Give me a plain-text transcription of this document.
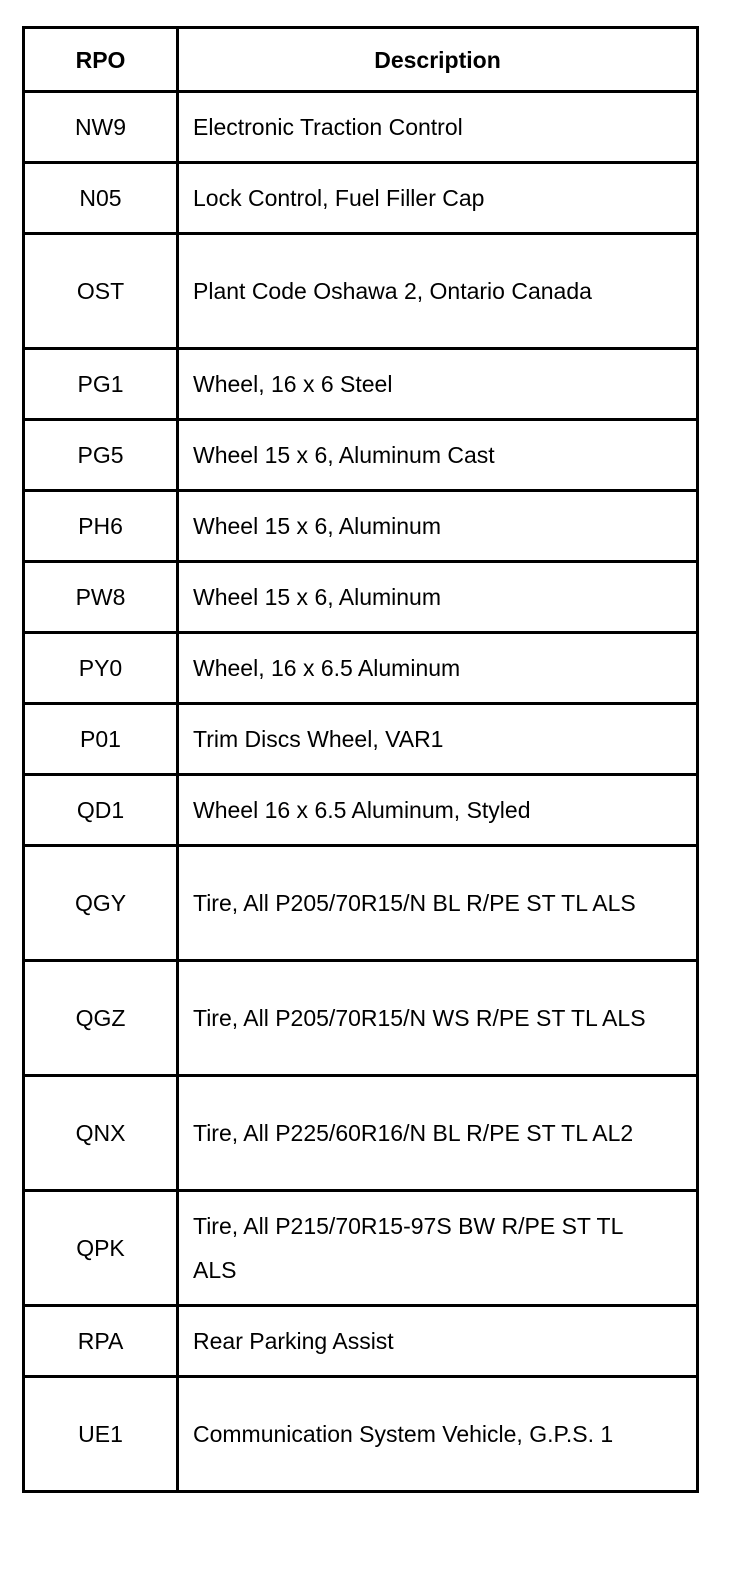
RPO	Description
NW9	Electronic Traction Control
N05	Lock Control, Fuel Filler Cap
OST	Plant Code Oshawa 2, Ontario Canada
PG1	Wheel, 16 x 6 Steel
PG5	Wheel 15 x 6, Aluminum Cast
PH6	Wheel 15 x 6, Aluminum
PW8	Wheel 15 x 6, Aluminum
PY0	Wheel, 16 x 6.5 Aluminum
P01	Trim Discs Wheel, VAR1
QD1	Wheel 16 x 6.5 Aluminum, Styled
QGY	Tire, All P205/70R15/N BL R/PE ST TL ALS
QGZ	Tire, All P205/70R15/N WS R/PE ST TL ALS
QNX	Tire, All P225/60R16/N BL R/PE ST TL AL2
QPK	Tire, All P215/70R15-97S BW R/PE ST TL ALS
RPA	Rear Parking Assist
UE1	Communication System Vehicle, G.P.S. 1
